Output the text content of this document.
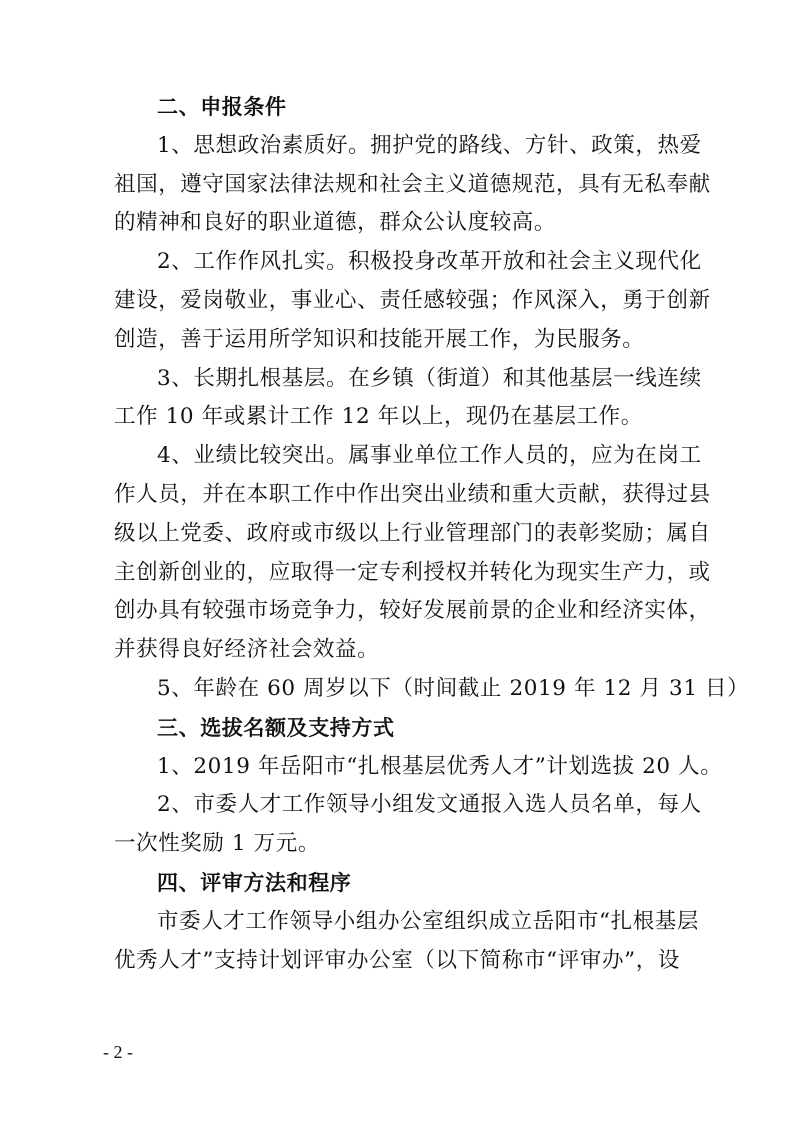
二、申报条件
1、思想政治素质好。拥护党的路线、方针、政策，热爱
祖国，遵守国家法律法规和社会主义道德规范，具有无私奉献
的精神和良好的职业道德，群众公认度较高。
2、工作作风扎实。积极投身改革开放和社会主义现代化
建设，爱岗敬业，事业心、责任感较强；作风深入，勇于创新
创造，善于运用所学知识和技能开展工作，为民服务。
3、长期扎根基层。在乡镇（街道）和其他基层一线连续
工作 10 年或累计工作 12 年以上，现仍在基层工作。
4、业绩比较突出。属事业单位工作人员的，应为在岗工
作人员，并在本职工作中作出突出业绩和重大贡献，获得过县
级以上党委、政府或市级以上行业管理部门的表彰奖励；属自
主创新创业的，应取得一定专利授权并转化为现实生产力，或
创办具有较强市场竞争力，较好发展前景的企业和经济实体，
并获得良好经济社会效益。
5、年龄在 60 周岁以下（时间截止 2019 年 12 月 31 日）
三、选拔名额及支持方式
1、2019 年岳阳市“扎根基层优秀人才”计划选拔 20 人。
2、市委人才工作领导小组发文通报入选人员名单，每人
一次性奖励 1 万元。
四、评审方法和程序
市委人才工作领导小组办公室组织成立岳阳市“扎根基层
优秀人才”支持计划评审办公室（以下简称市“评审办”，设
- 2 -
